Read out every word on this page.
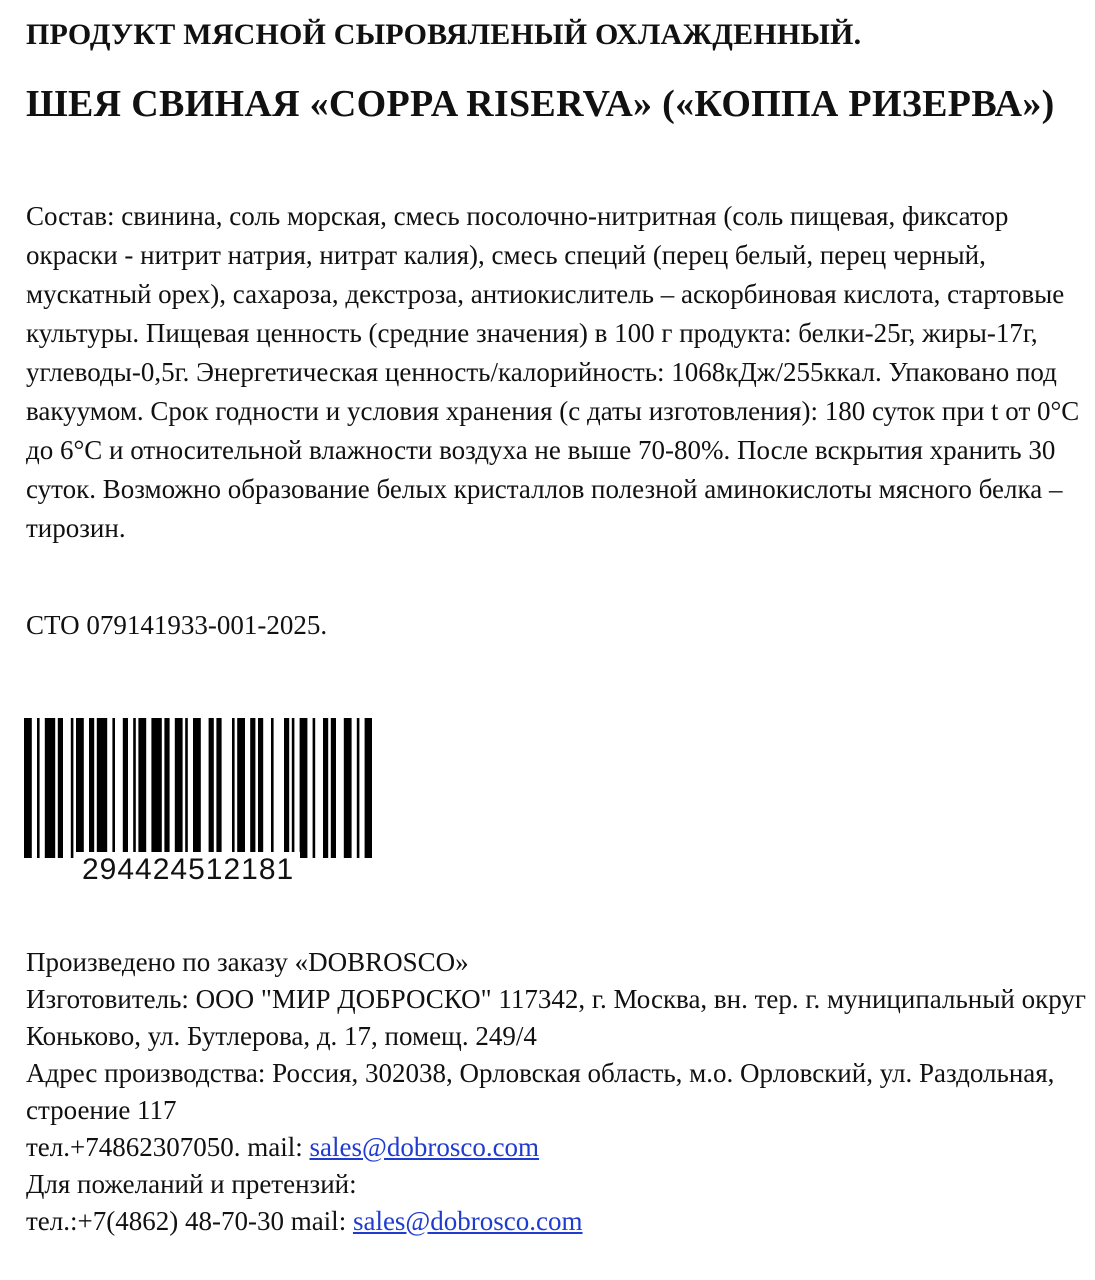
ПРОДУКТ МЯСНОЙ СЫРОВЯЛЕНЫЙ ОХЛАЖДЕННЫЙ.
ШЕЯ СВИНАЯ «COPPA RISERVA» («КОППА РИЗЕРВА»)

Состав: свинина, соль морская, смесь посолочно-нитритная (соль пищевая, фиксатор окраски - нитрит натрия, нитрат калия), смесь специй (перец белый, перец черный, мускатный орех), сахароза, декстроза, антиокислитель – аскорбиновая кислота, стартовые культуры. Пищевая ценность (средние значения) в 100 г продукта: белки-25г, жиры-17г, углеводы-0,5г. Энергетическая ценность/калорийность: 1068кДж/255ккал. Упаковано под вакуумом. Срок годности и условия хранения (с даты изготовления): 180 суток при t от 0°С до 6°С и относительной влажности воздуха не выше 70-80%. После вскрытия хранить 30 суток. Возможно образование белых кристаллов полезной аминокислоты мясного белка – тирозин.

СТО 079141933-001-2025.

294424512181
Произведено по заказу «DOBROSCO»
Изготовитель: ООО "МИР ДОБРОСКО" 117342, г. Москва, вн. тер. г. муниципальный округ Коньково, ул. Бутлерова, д. 17, помещ. 249/4
Адрес производства: Россия, 302038, Орловская область, м.о. Орловский, ул. Раздольная, строение 117
тел.+74862307050. mail: sales@dobrosco.com
Для пожеланий и претензий:
тел.:+7(4862) 48-70-30 mail: sales@dobrosco.com
